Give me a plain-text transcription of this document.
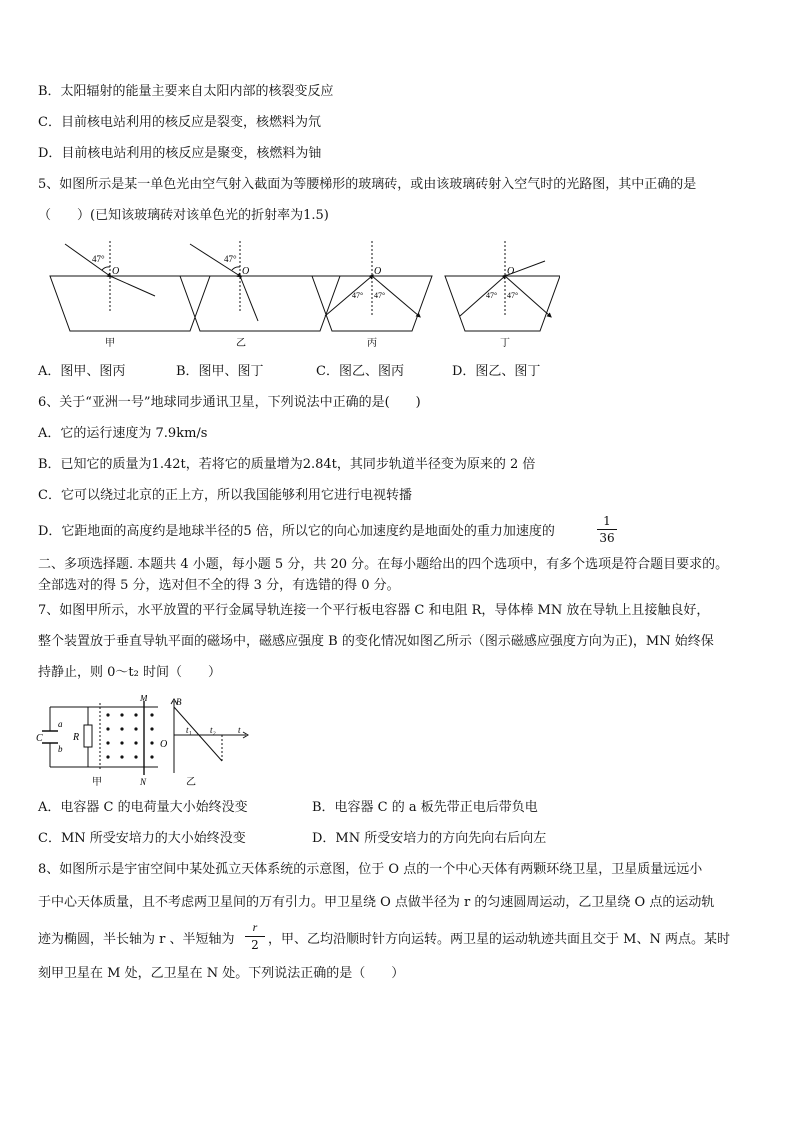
B．太阳辐射的能量主要来自太阳内部的核裂变反应
C．目前核电站利用的核反应是裂变，核燃料为氘
D．目前核电站利用的核反应是聚变，核燃料为铀
5、如图所示是某一单色光由空气射入截面为等腰梯形的玻璃砖，或由该玻璃砖射入空气时的光路图，其中正确的是
（　　）(已知该玻璃砖对该单色光的折射率为1.5)
47°
O
甲
47°
O
乙
47° 47°
O
丙
47° 47°
O
丁
A．图甲、图丙	B．图甲、图丁	C．图乙、图丙	D．图乙、图丁
6、关于“亚洲一号”地球同步通讯卫星，下列说法中正确的是(　　)
A．它的运行速度为 7.9km/s
B．已知它的质量为1.42t，若将它的质量增为2.84t，其同步轨道半径变为原来的 2 倍
C．它可以绕过北京的正上方，所以我国能够利用它进行电视转播
D．它距地面的高度约是地球半径的5 倍，所以它的向心加速度约是地面处的重力加速度的
1
36
二、多项选择题. 本题共 4 小题，每小题 5 分，共 20 分。在每小题给出的四个选项中，有多个选项是符合题目要求的。
全部选对的得 5 分，选对但不全的得 3 分，有选错的得 0 分。
7、如图甲所示，水平放置的平行金属导轨连接一个平行板电容器 C 和电阻 R，导体棒 MN 放在导轨上且接触良好，
整个装置放于垂直导轨平面的磁场中，磁感应强度 B 的变化情况如图乙所示（图示磁感应强度方向为正)，MN 始终保
持静止，则 0～t₂ 时间（　　）
a
b
C	R
M
N
甲
B
O
t₁ t₂ t
乙
A．电容器 C 的电荷量大小始终没变	B．电容器 C 的 a 板先带正电后带负电
C．MN 所受安培力的大小始终没变	D．MN 所受安培力的方向先向右后向左
8、如图所示是宇宙空间中某处孤立天体系统的示意图，位于 O 点的一个中心天体有两颗环绕卫星，卫星质量远远小
于中心天体质量，且不考虑两卫星间的万有引力。甲卫星绕 O 点做半径为 r 的匀速圆周运动，乙卫星绕 O 点的运动轨
迹为椭圆，半长轴为 r 、半短轴为
r
2 ，甲、乙均沿顺时针方向运转。两卫星的运动轨迹共面且交于 M、N 两点。某时
刻甲卫星在 M 处，乙卫星在 N 处。下列说法正确的是（　　）
